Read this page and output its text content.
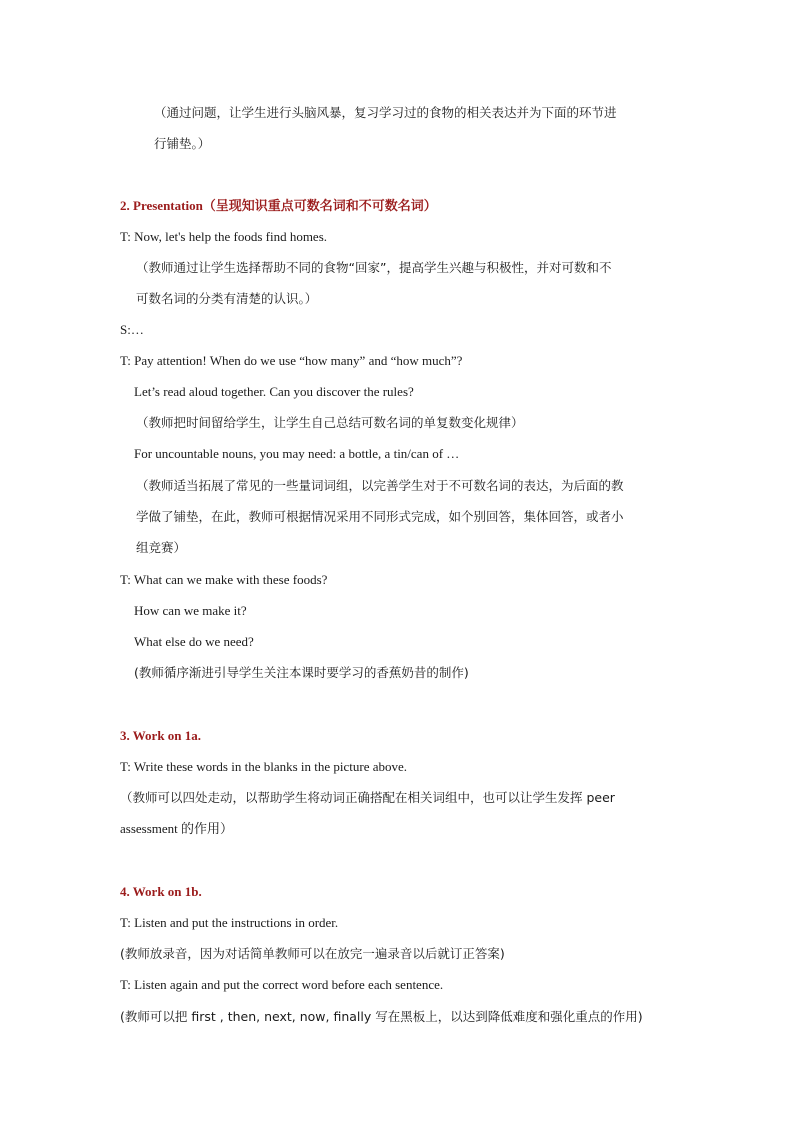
（通过问题，让学生进行头脑风暴，复习学习过的食物的相关表达并为下面的环节进
行铺垫。）
2. Presentation（呈现知识重点可数名词和不可数名词）
T: Now, let's help the foods find homes.
（教师通过让学生选择帮助不同的食物“回家”，提高学生兴趣与积极性，并对可数和不
可数名词的分类有清楚的认识。）
S:…
T: Pay attention! When do we use “how many” and “how much”?
Let’s read aloud together. Can you discover the rules?
（教师把时间留给学生，让学生自己总结可数名词的单复数变化规律）
For uncountable nouns, you may need: a bottle, a tin/can of …
（教师适当拓展了常见的一些量词词组，以完善学生对于不可数名词的表达，为后面的教
学做了铺垫，在此，教师可根据情况采用不同形式完成，如个别回答，集体回答，或者小
组竞赛）
T: What can we make with these foods?
How can we make it?
What else do we need?
(教师循序渐进引导学生关注本课时要学习的香蕉奶昔的制作)
3. Work on 1a.
T: Write these words in the blanks in the picture above.
（教师可以四处走动，以帮助学生将动词正确搭配在相关词组中，也可以让学生发挥 peer
assessment 的作用）
4. Work on 1b.
T: Listen and put the instructions in order.
(教师放录音，因为对话简单教师可以在放完一遍录音以后就订正答案)
T: Listen again and put the correct word before each sentence.
(教师可以把 first , then, next, now, finally 写在黑板上，以达到降低难度和强化重点的作用)
